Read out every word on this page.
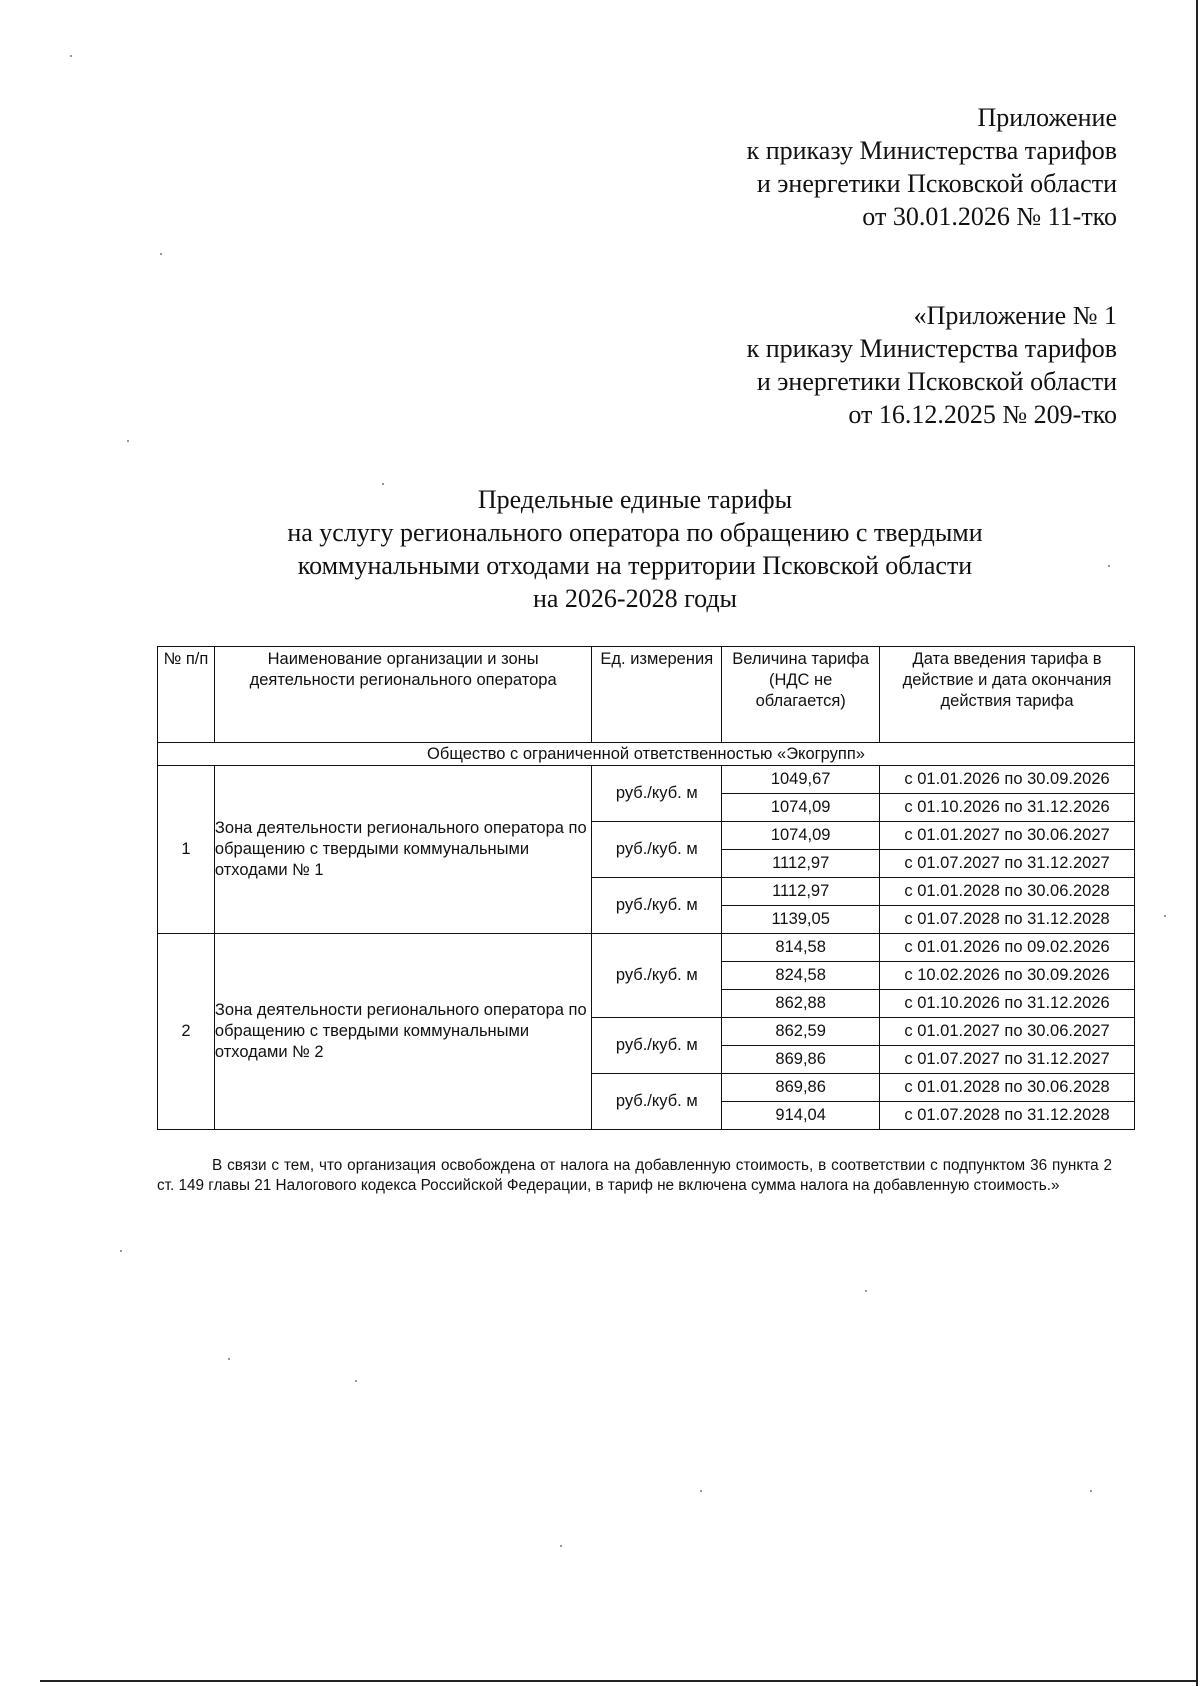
Приложение
к приказу Министерства тарифов
и энергетики Псковской области
от 30.01.2026 № 11-тко
«Приложение № 1
к приказу Министерства тарифов
и энергетики Псковской области
от 16.12.2025 № 209-тко
Предельные единые тарифы
на услугу регионального оператора по обращению с твердыми
коммунальными отходами на территории Псковской области
на 2026-2028 годы
№ п/п	Наименование организации и зоны деятельности регионального оператора	Ед. измерения	Величина тарифа (НДС не облагается)	Дата введения тарифа в действие и дата окончания действия тарифа
Общество с ограниченной ответственностью «Экогрупп»				
1	Зона деятельности регионального оператора по обращению с твердыми коммунальными отходами № 1	руб./куб. м	1049,67	с 01.01.2026 по 30.09.2026
			1074,09	с 01.10.2026 по 31.12.2026
		руб./куб. м	1074,09	с 01.01.2027 по 30.06.2027
			1112,97	с 01.07.2027 по 31.12.2027
		руб./куб. м	1112,97	с 01.01.2028 по 30.06.2028
			1139,05	с 01.07.2028 по 31.12.2028
2	Зона деятельности регионального оператора по обращению с твердыми коммунальными отходами № 2	руб./куб. м	814,58	с 01.01.2026 по 09.02.2026
			824,58	с 10.02.2026 по 30.09.2026
			862,88	с 01.10.2026 по 31.12.2026
		руб./куб. м	862,59	с 01.01.2027 по 30.06.2027
			869,86	с 01.07.2027 по 31.12.2027
		руб./куб. м	869,86	с 01.01.2028 по 30.06.2028
			914,04	с 01.07.2028 по 31.12.2028
В связи с тем, что организация освобождена от налога на добавленную стоимость, в соответствии с подпунктом 36 пункта 2 ст. 149 главы 21 Налогового кодекса Российской Федерации, в тариф не включена сумма налога на добавленную стоимость.»
